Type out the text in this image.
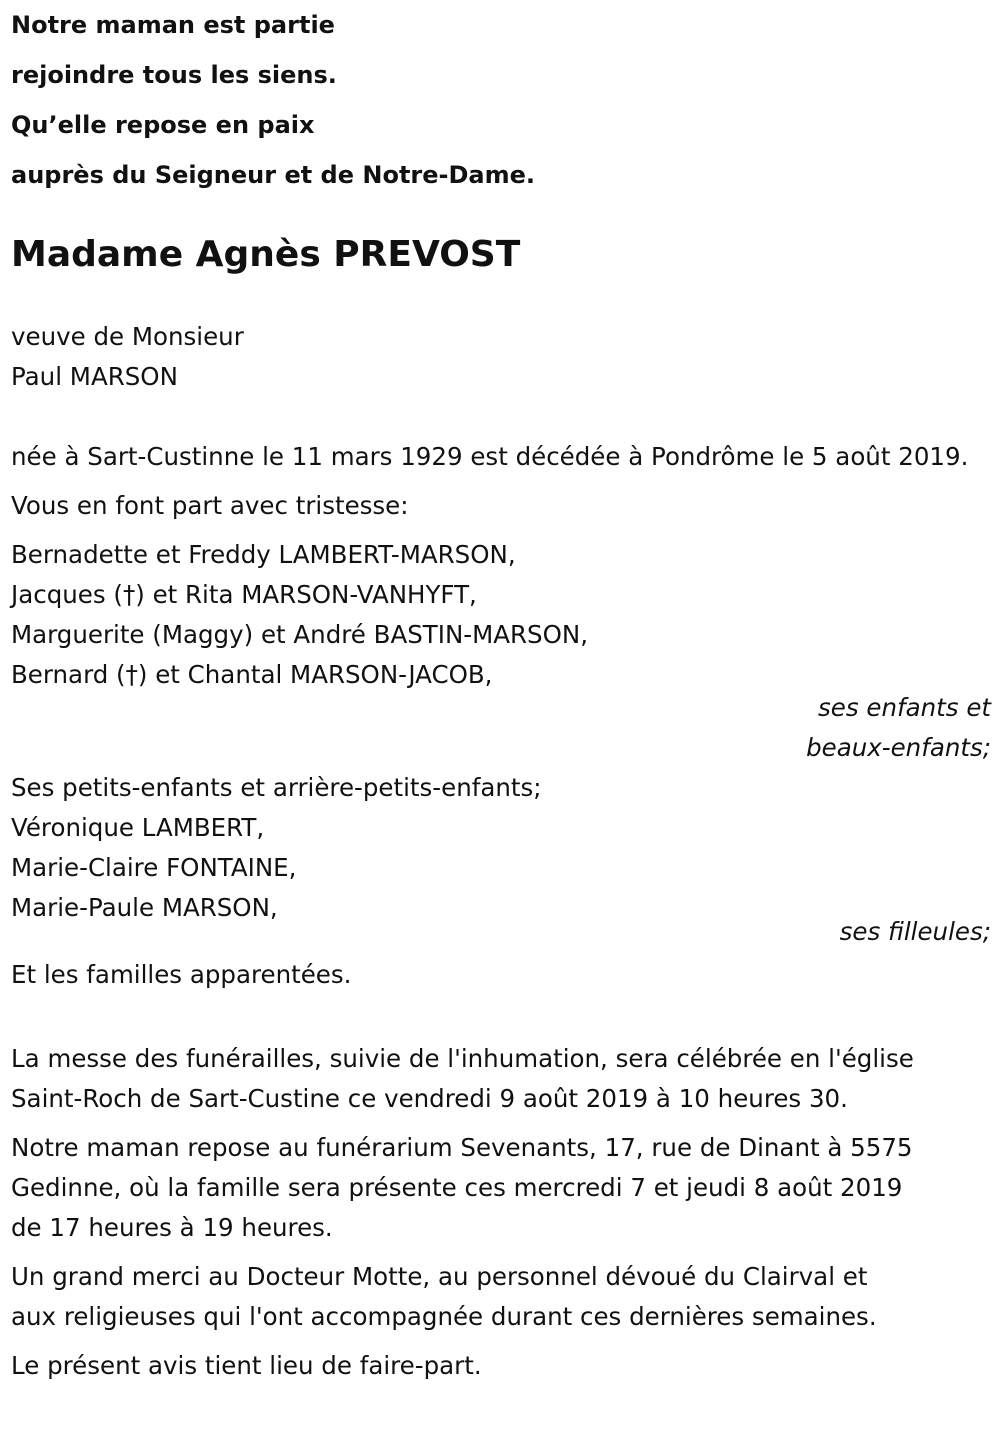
Notre maman est partie
rejoindre tous les siens.
Qu’elle repose en paix
auprès du Seigneur et de Notre-Dame.
Madame Agnès PREVOST
veuve de Monsieur
Paul MARSON
née à Sart-Custinne le 11 mars 1929 est décédée à Pondrôme le 5 août 2019.
Vous en font part avec tristesse:
Bernadette et Freddy LAMBERT-MARSON,
Jacques (†) et Rita MARSON-VANHYFT,
Marguerite (Maggy) et André BASTIN-MARSON,
Bernard (†) et Chantal MARSON-JACOB,
ses enfants et
beaux-enfants;
Ses petits-enfants et arrière-petits-enfants;
Véronique LAMBERT,
Marie-Claire FONTAINE,
Marie-Paule MARSON,
ses filleules;
Et les familles apparentées.
La messe des funérailles, suivie de l'inhumation, sera célébrée en l'église
Saint-Roch de Sart-Custine ce vendredi 9 août 2019 à 10 heures 30.
Notre maman repose au funérarium Sevenants, 17, rue de Dinant à 5575
Gedinne, où la famille sera présente ces mercredi 7 et jeudi 8 août 2019
de 17 heures à 19 heures.
Un grand merci au Docteur Motte, au personnel dévoué du Clairval et
aux religieuses qui l'ont accompagnée durant ces dernières semaines.
Le présent avis tient lieu de faire-part.
